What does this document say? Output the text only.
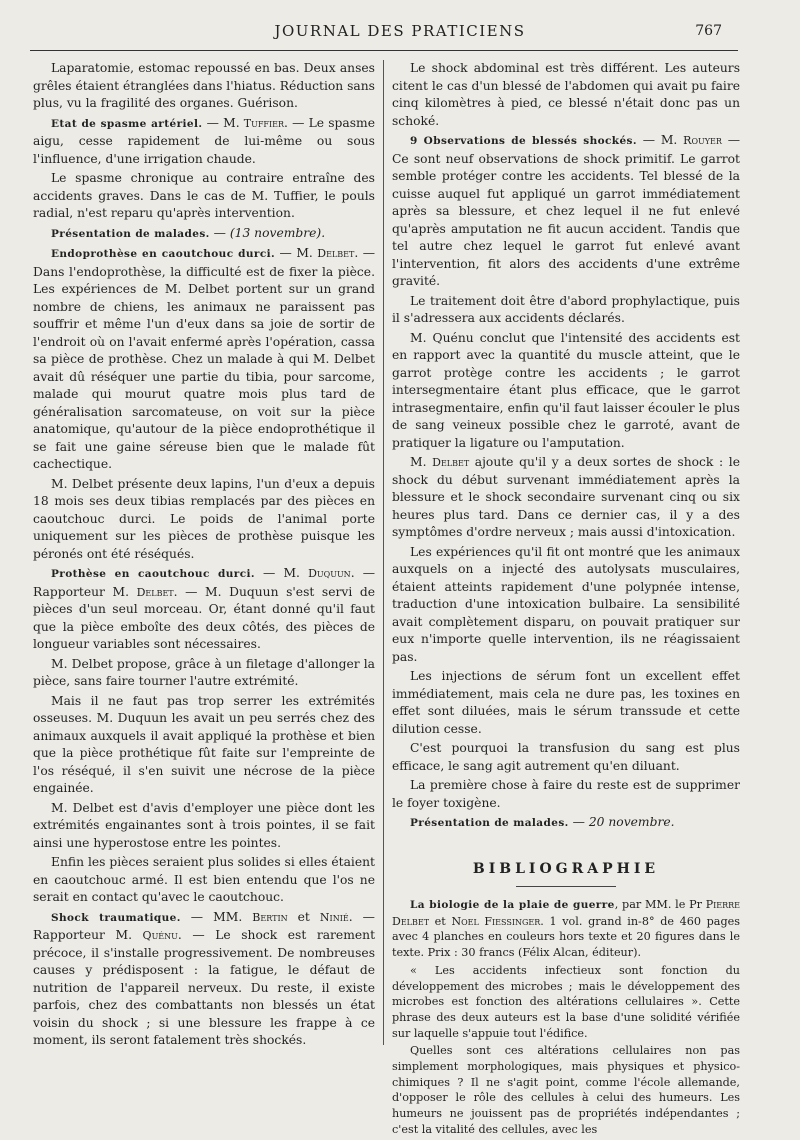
JOURNAL DES PRATICIENS	767

Laparatomie, estomac repoussé en bas. Deux anses grêles étaient étranglées dans l'hiatus. Réduction sans plus, vu la fragilité des organes. Guérison.

Etat de spasme artériel. — M. Tuffier. — Le spasme aigu, cesse rapidement de lui-même ou sous l'influence, d'une irrigation chaude.

Le spasme chronique au contraire entraîne des accidents graves. Dans le cas de M. Tuffier, le pouls radial, n'est reparu qu'après intervention.

Présentation de malades. — (13 novembre).

Endoprothèse en caoutchouc durci. — M. Delbet. — Dans l'endoprothèse, la difficulté est de fixer la pièce. Les expériences de M. Delbet portent sur un grand nombre de chiens, les animaux ne paraissent pas souffrir et même l'un d'eux dans sa joie de sortir de l'endroit où on l'avait enfermé après l'opération, cassa sa pièce de prothèse. Chez un malade à qui M. Delbet avait dû réséquer une partie du tibia, pour sarcome, malade qui mourut quatre mois plus tard de généralisation sarcomateuse, on voit sur la pièce anatomique, qu'autour de la pièce endoprothétique il se fait une gaine séreuse bien que le malade fût cachectique.

M. Delbet présente deux lapins, l'un d'eux a depuis 18 mois ses deux tibias remplacés par des pièces en caoutchouc durci. Le poids de l'animal porte uniquement sur les pièces de prothèse puisque les péronés ont été réséqués.

Prothèse en caoutchouc durci. — M. Duquun. — Rapporteur M. Delbet. — M. Duquun s'est servi de pièces d'un seul morceau. Or, étant donné qu'il faut que la pièce emboîte des deux côtés, des pièces de longueur variables sont nécessaires.

M. Delbet propose, grâce à un filetage d'allonger la pièce, sans faire tourner l'autre extrémité.

Mais il ne faut pas trop serrer les extrémités osseuses. M. Duquun les avait un peu serrés chez des animaux auxquels il avait appliqué la prothèse et bien que la pièce prothétique fût faite sur l'empreinte de l'os réséqué, il s'en suivit une nécrose de la pièce engainée.

M. Delbet est d'avis d'employer une pièce dont les extrémités engainantes sont à trois pointes, il se fait ainsi une hyperostose entre les pointes.

Enfin les pièces seraient plus solides si elles étaient en caoutchouc armé. Il est bien entendu que l'os ne serait en contact qu'avec le caoutchouc.

Shock traumatique. — MM. Bertin et Ninié. — Rapporteur M. Quénu. — Le shock est rarement précoce, il s'installe progressivement. De nombreuses causes y prédisposent : la fatigue, le défaut de nutrition de l'appareil nerveux. Du reste, il existe parfois, chez des combattants non blessés un état voisin du shock ; si une blessure les frappe à ce moment, ils seront fatalement très shockés.

Le shock abdominal est très différent. Les auteurs citent le cas d'un blessé de l'abdomen qui avait pu faire cinq kilomètres à pied, ce blessé n'était donc pas un schoké.

9 Observations de blessés shockés. — M. Rouyer — Ce sont neuf observations de shock primitif. Le garrot semble protéger contre les accidents. Tel blessé de la cuisse auquel fut appliqué un garrot immédiatement après sa blessure, et chez lequel il ne fut enlevé qu'après amputation ne fit aucun accident. Tandis que tel autre chez lequel le garrot fut enlevé avant l'intervention, fit alors des accidents d'une extrême gravité.

Le traitement doit être d'abord prophylactique, puis il s'adressera aux accidents déclarés.

M. Quénu conclut que l'intensité des accidents est en rapport avec la quantité du muscle atteint, que le garrot protège contre les accidents ; le garrot intersegmentaire étant plus efficace, que le garrot intrasegmentaire, enfin qu'il faut laisser écouler le plus de sang veineux possible chez le garroté, avant de pratiquer la ligature ou l'amputation.

M. Delbet ajoute qu'il y a deux sortes de shock : le shock du début survenant immédiatement après la blessure et le shock secondaire survenant cinq ou six heures plus tard. Dans ce dernier cas, il y a des symptômes d'ordre nerveux ; mais aussi d'intoxication.

Les expériences qu'il fit ont montré que les animaux auxquels on a injecté des autolysats musculaires, étaient atteints rapidement d'une polypnée intense, traduction d'une intoxication bulbaire. La sensibilité avait complètement disparu, on pouvait pratiquer sur eux n'importe quelle intervention, ils ne réagissaient pas.

Les injections de sérum font un excellent effet immédiatement, mais cela ne dure pas, les toxines en effet sont diluées, mais le sérum transsude et cette dilution cesse.

C'est pourquoi la transfusion du sang est plus efficace, le sang agit autrement qu'en diluant.

La première chose à faire du reste est de supprimer le foyer toxigène.

Présentation de malades. — 20 novembre.

BIBLIOGRAPHIE

La biologie de la plaie de guerre, par MM. le Pr Pierre Delbet et Noel Fiessinger. 1 vol. grand in-8° de 460 pages avec 4 planches en couleurs hors texte et 20 figures dans le texte. Prix : 30 francs (Félix Alcan, éditeur).

« Les accidents infectieux sont fonction du développement des microbes ; mais le développement des microbes est fonction des altérations cellulaires ». Cette phrase des deux auteurs est la base d'une solidité vérifiée sur laquelle s'appuie tout l'édifice.

Quelles sont ces altérations cellulaires non pas simplement morphologiques, mais physiques et physico-chimiques ? Il ne s'agit point, comme l'école allemande, d'opposer le rôle des cellules à celui des humeurs. Les humeurs ne jouissent pas de propriétés indépendantes ; c'est la vitalité des cellules, avec les
